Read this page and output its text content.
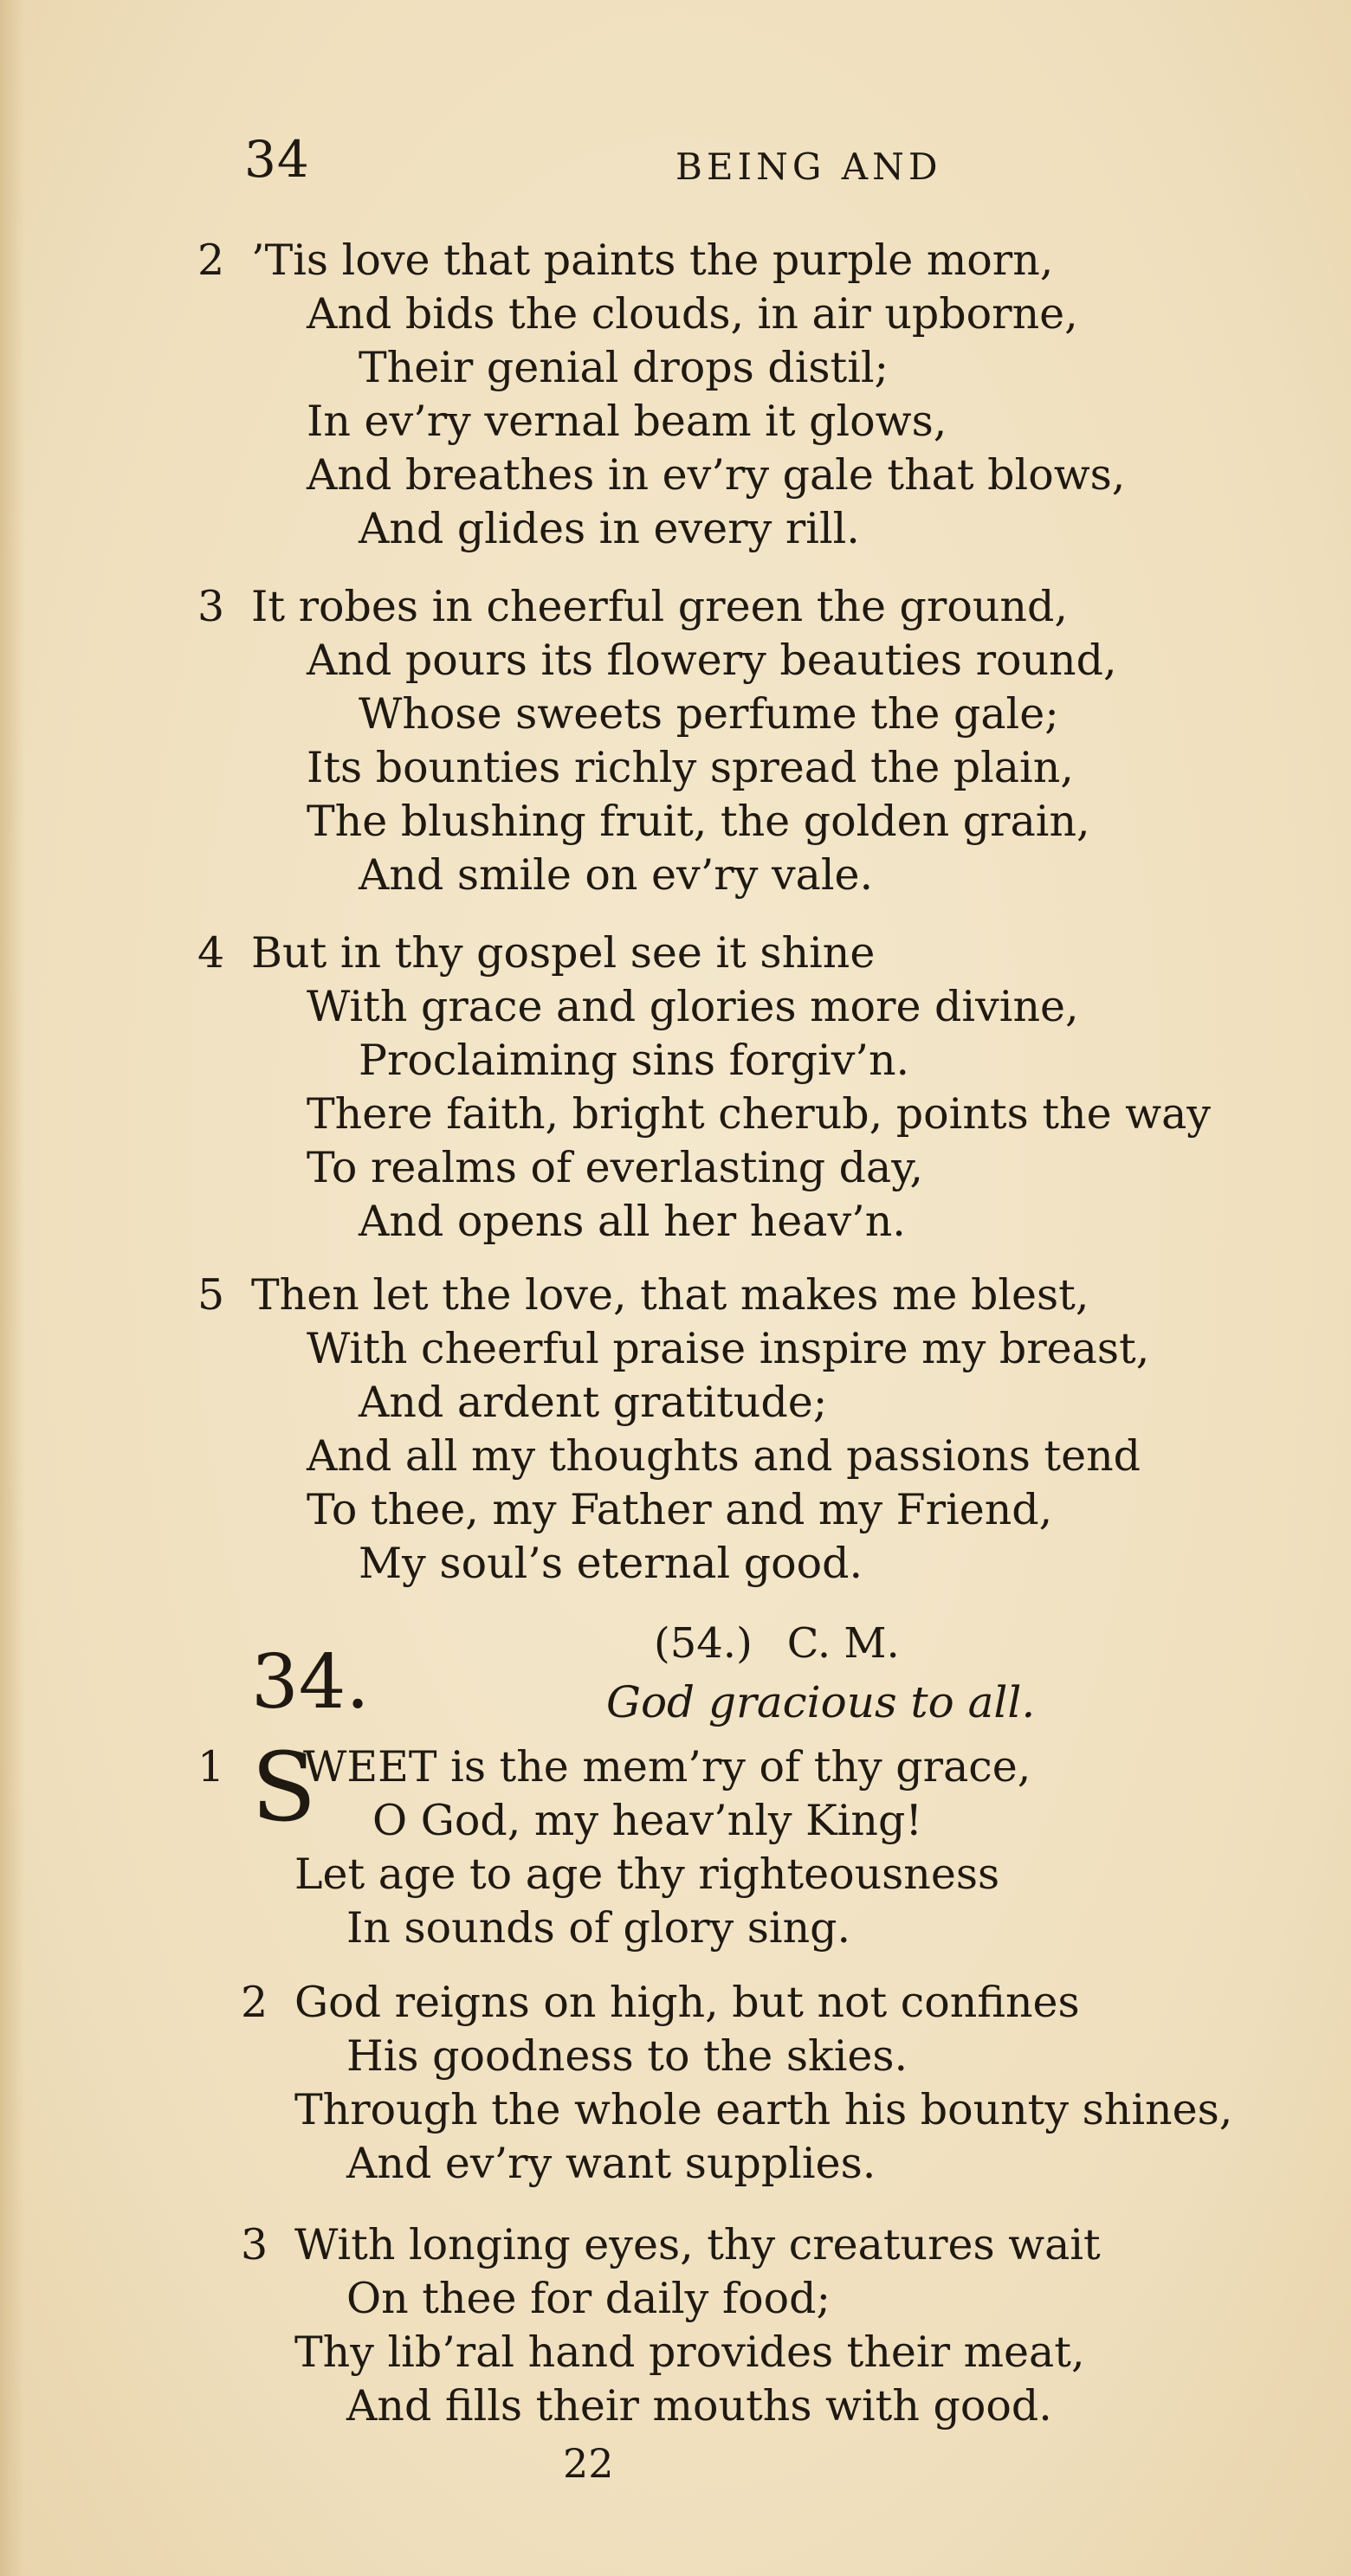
34	BEING AND
2 ’Tis love that paints the purple morn,
And bids the clouds, in air upborne,
Their genial drops distil;
In ev’ry vernal beam it glows,
And breathes in ev’ry gale that blows,
And glides in every rill.
3 It robes in cheerful green the ground,
And pours its flowery beauties round,
Whose sweets perfume the gale;
Its bounties richly spread the plain,
The blushing fruit, the golden grain,
And smile on ev’ry vale.
4 But in thy gospel see it shine
With grace and glories more divine,
Proclaiming sins forgiv’n.
There faith, bright cherub, points the way
To realms of everlasting day,
And opens all her heav’n.
5 Then let the love, that makes me blest,
With cheerful praise inspire my breast,
And ardent gratitude;
And all my thoughts and passions tend
To thee, my Father and my Friend,
My soul’s eternal good.
34.	(54.) C. M.
God gracious to all.
1 S
WEET is the mem’ry of thy grace,
O God, my heav’nly King!
Let age to age thy righteousness
In sounds of glory sing.
2 God reigns on high, but not confines
His goodness to the skies.
Through the whole earth his bounty shines,
And ev’ry want supplies.
3 With longing eyes, thy creatures wait
On thee for daily food;
Thy lib’ral hand provides their meat,
And fills their mouths with good.
22
